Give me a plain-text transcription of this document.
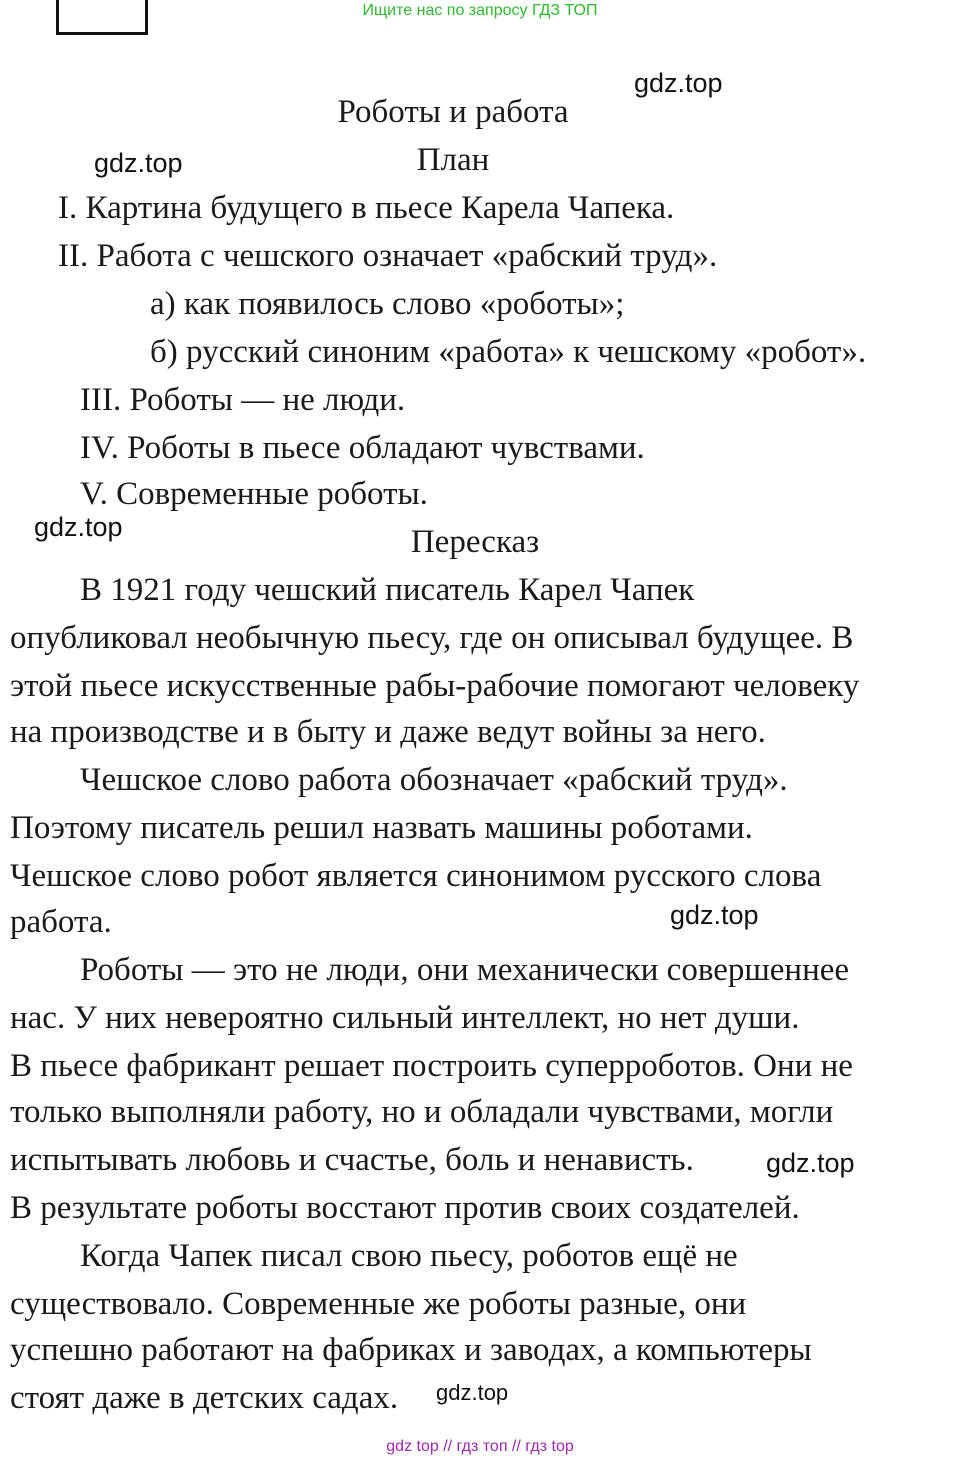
Ищите нас по запросу ГДЗ ТОП
gdz.top
gdz.top
gdz.top
gdz.top
gdz.top
gdz.top
Роботы и работа
План
I. Картина будущего в пьесе Карела Чапека.
II. Работа с чешского означает «рабский труд».
а) как появилось слово «роботы»;
б) русский синоним «работа» к чешскому «робот».
III. Роботы — не люди.
IV. Роботы в пьесе обладают чувствами.
V. Современные роботы.
Пересказ
В 1921 году чешский писатель Карел Чапек
опубликовал необычную пьесу, где он описывал будущее. В
этой пьесе искусственные рабы-рабочие помогают человеку
на производстве и в быту и даже ведут войны за него.
Чешское слово работа обозначает «рабский труд».
Поэтому писатель решил назвать машины роботами.
Чешское слово робот является синонимом русского слова
работа.
Роботы — это не люди, они механически совершеннее
нас. У них невероятно сильный интеллект, но нет души.
В пьесе фабрикант решает построить суперроботов. Они не
только выполняли работу, но и обладали чувствами, могли
испытывать любовь и счастье, боль и ненависть.
В результате роботы восстают против своих создателей.
Когда Чапек писал свою пьесу, роботов ещё не
существовало. Современные же роботы разные, они
успешно работают на фабриках и заводах, а компьютеры
стоят даже в детских садах.
gdz top // гдз топ // гдз top
